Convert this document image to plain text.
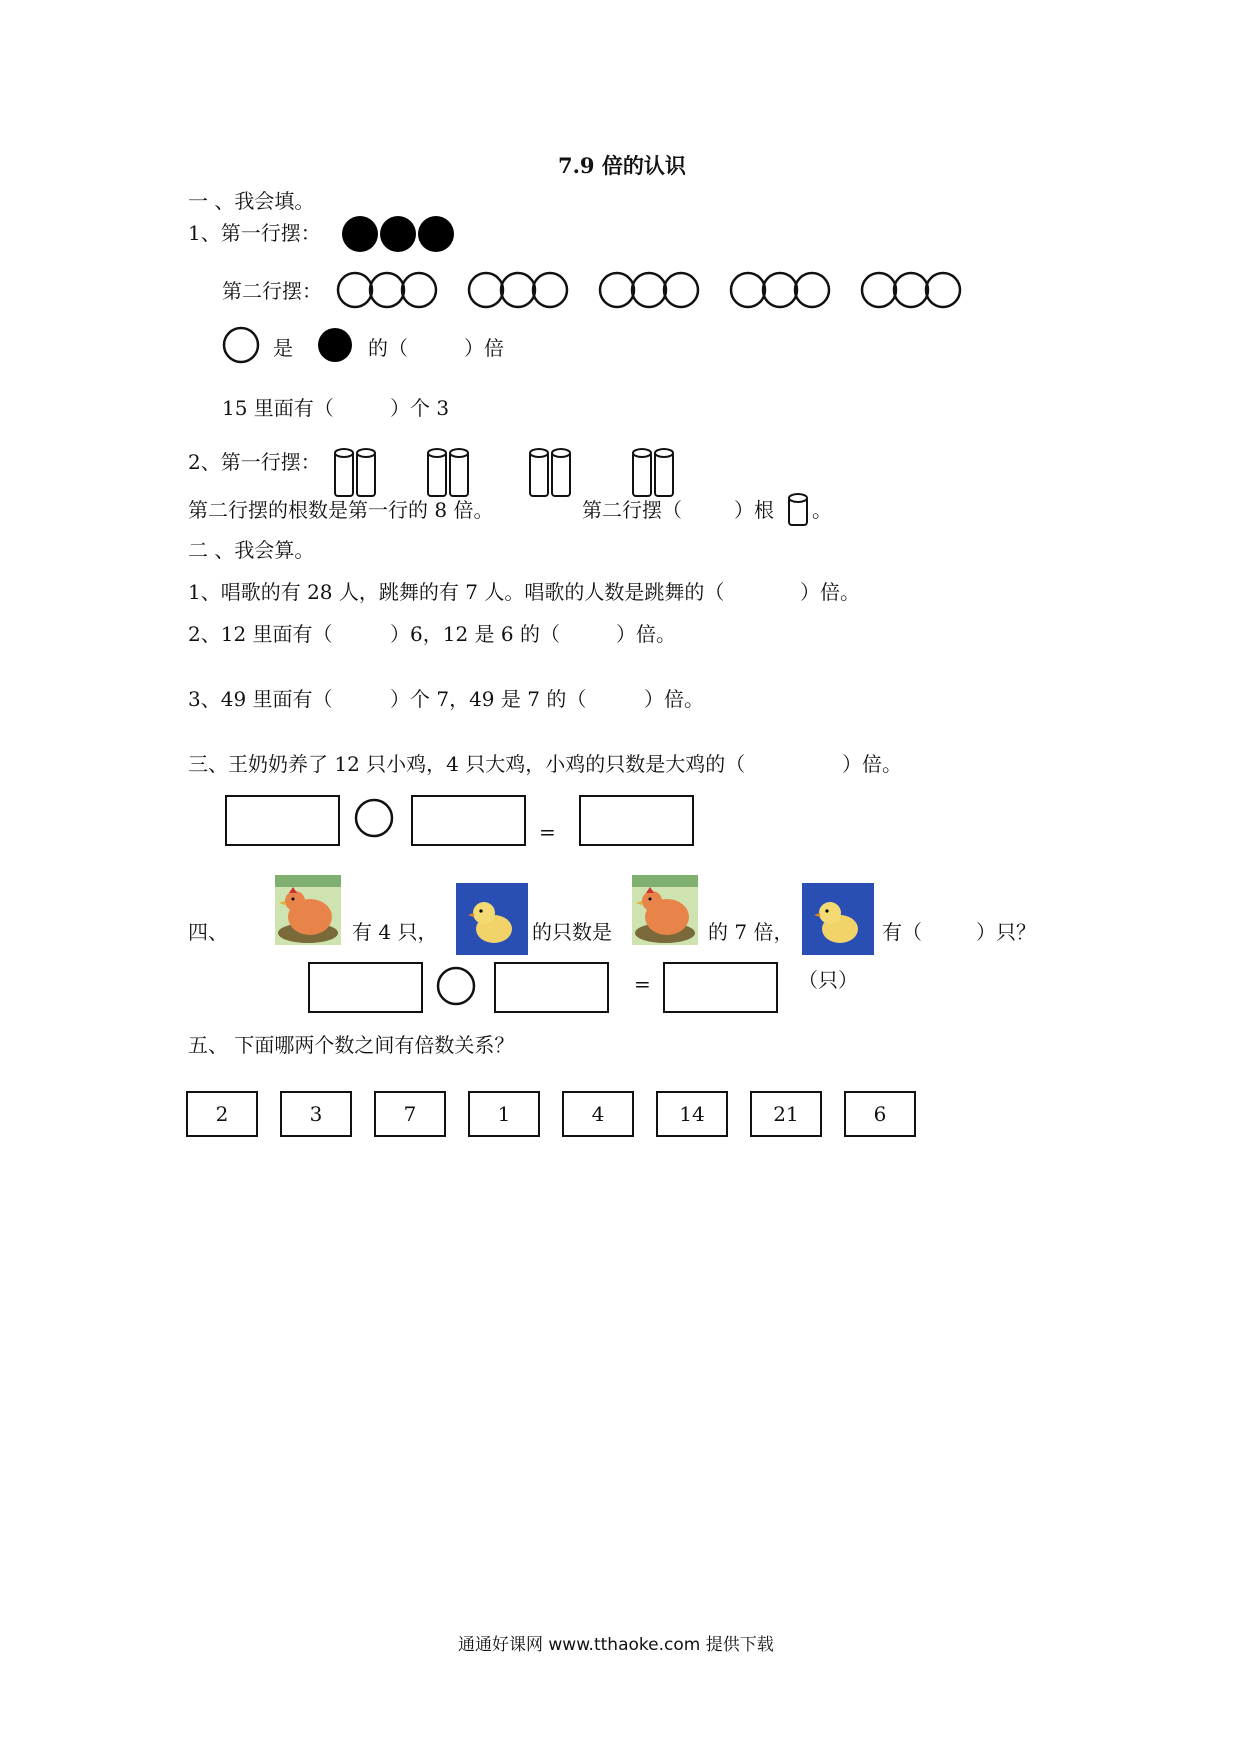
7.9 倍的认识
一 、我会填。
1、第一行摆：
第二行摆：
是	的（	）倍
15 里面有（	）个 3
2、第一行摆：
第二行摆的根数是第一行的 8 倍。	第二行摆（	）根 。
二 、我会算。
1、唱歌的有 28 人，跳舞的有 7 人。唱歌的人数是跳舞的（	）倍。
2、12 里面有（	）6，12 是 6 的（	）倍。
3、49 里面有（	）个 7，49 是 7 的（	）倍。
三、王奶奶养了 12 只小鸡，4 只大鸡，小鸡的只数是大鸡的（	）倍。
=
四、	有 4 只，	的只数是	的 7 倍，	有（	）只？
=	（只）
五、 下面哪两个数之间有倍数关系？
2	3	7	1	4	14	21	6
通通好课网 www.tthaoke.com 提供下载
